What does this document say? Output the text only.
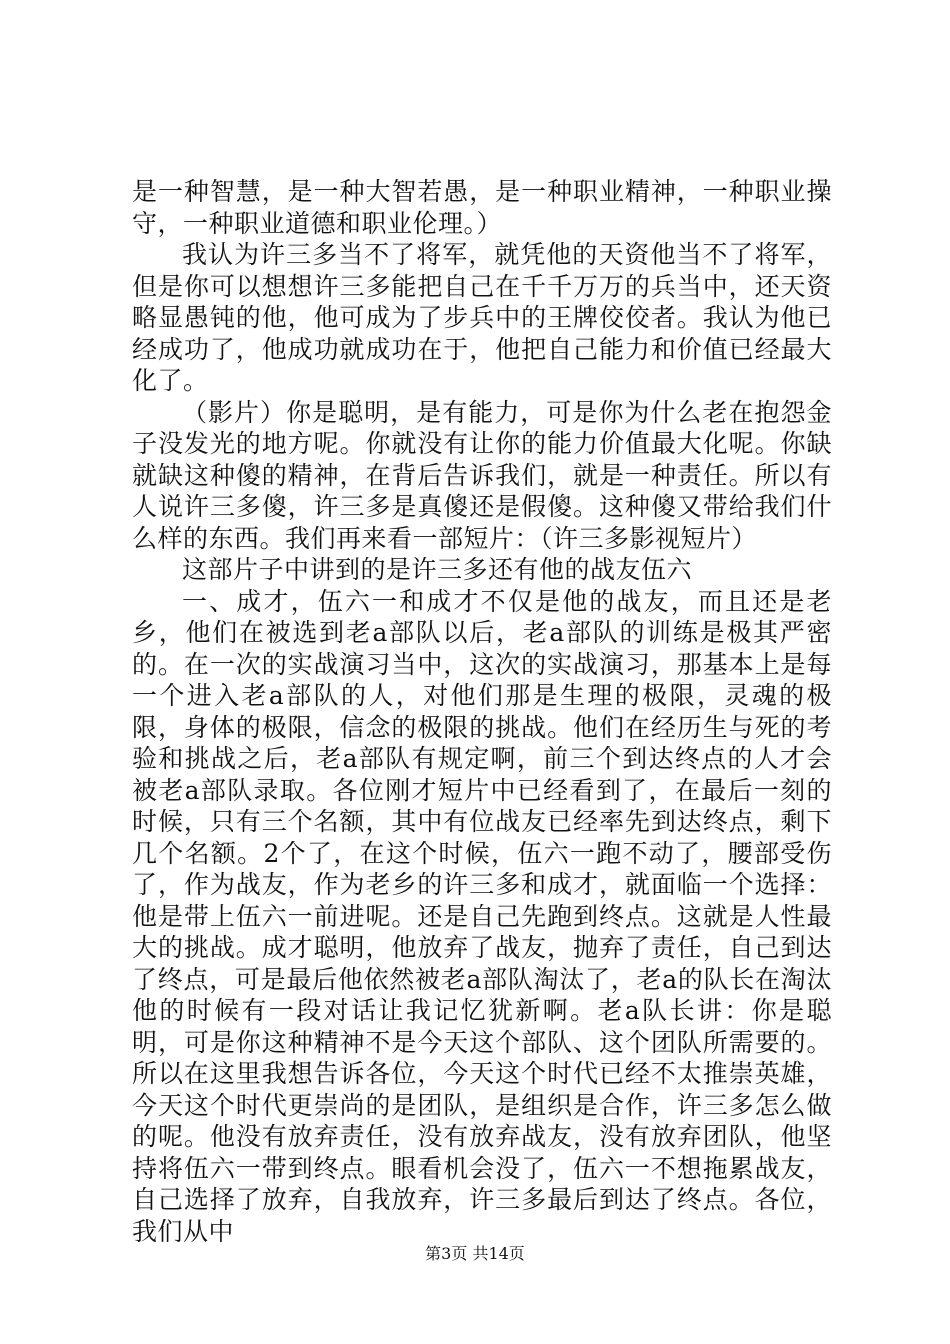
是一种智慧，是一种大智若愚，是一种职业精神，一种职业操守，一种职业道德和职业伦理。）

我认为许三多当不了将军，就凭他的天资他当不了将军，但是你可以想想许三多能把自己在千千万万的兵当中，还天资略显愚钝的他，他可成为了步兵中的王牌佼佼者。我认为他已经成功了，他成功就成功在于，他把自己能力和价值已经最大化了。

（影片）你是聪明，是有能力，可是你为什么老在抱怨金子没发光的地方呢。你就没有让你的能力价值最大化呢。你缺就缺这种傻的精神，在背后告诉我们，就是一种责任。所以有人说许三多傻，许三多是真傻还是假傻。这种傻又带给我们什么样的东西。我们再来看一部短片：（许三多影视短片）

这部片子中讲到的是许三多还有他的战友伍六

一、成才，伍六一和成才不仅是他的战友，而且还是老乡，他们在被选到老a部队以后，老a部队的训练是极其严密的。在一次的实战演习当中，这次的实战演习，那基本上是每一个进入老a部队的人，对他们那是生理的极限，灵魂的极限，身体的极限，信念的极限的挑战。他们在经历生与死的考验和挑战之后，老a部队有规定啊，前三个到达终点的人才会被老a部队录取。各位刚才短片中已经看到了，在最后一刻的时候，只有三个名额，其中有位战友已经率先到达终点，剩下几个名额。2个了，在这个时候，伍六一跑不动了，腰部受伤了，作为战友，作为老乡的许三多和成才，就面临一个选择：他是带上伍六一前进呢。还是自己先跑到终点。这就是人性最大的挑战。成才聪明，他放弃了战友，抛弃了责任，自己到达了终点，可是最后他依然被老a部队淘汰了，老a的队长在淘汰他的时候有一段对话让我记忆犹新啊。老a队长讲：你是聪明，可是你这种精神不是今天这个部队、这个团队所需要的。所以在这里我想告诉各位，今天这个时代已经不太推崇英雄，今天这个时代更崇尚的是团队，是组织是合作，许三多怎么做的呢。他没有放弃责任，没有放弃战友，没有放弃团队，他坚持将伍六一带到终点。眼看机会没了，伍六一不想拖累战友，自己选择了放弃，自我放弃，许三多最后到达了终点。各位，我们从中

第3页 共14页
